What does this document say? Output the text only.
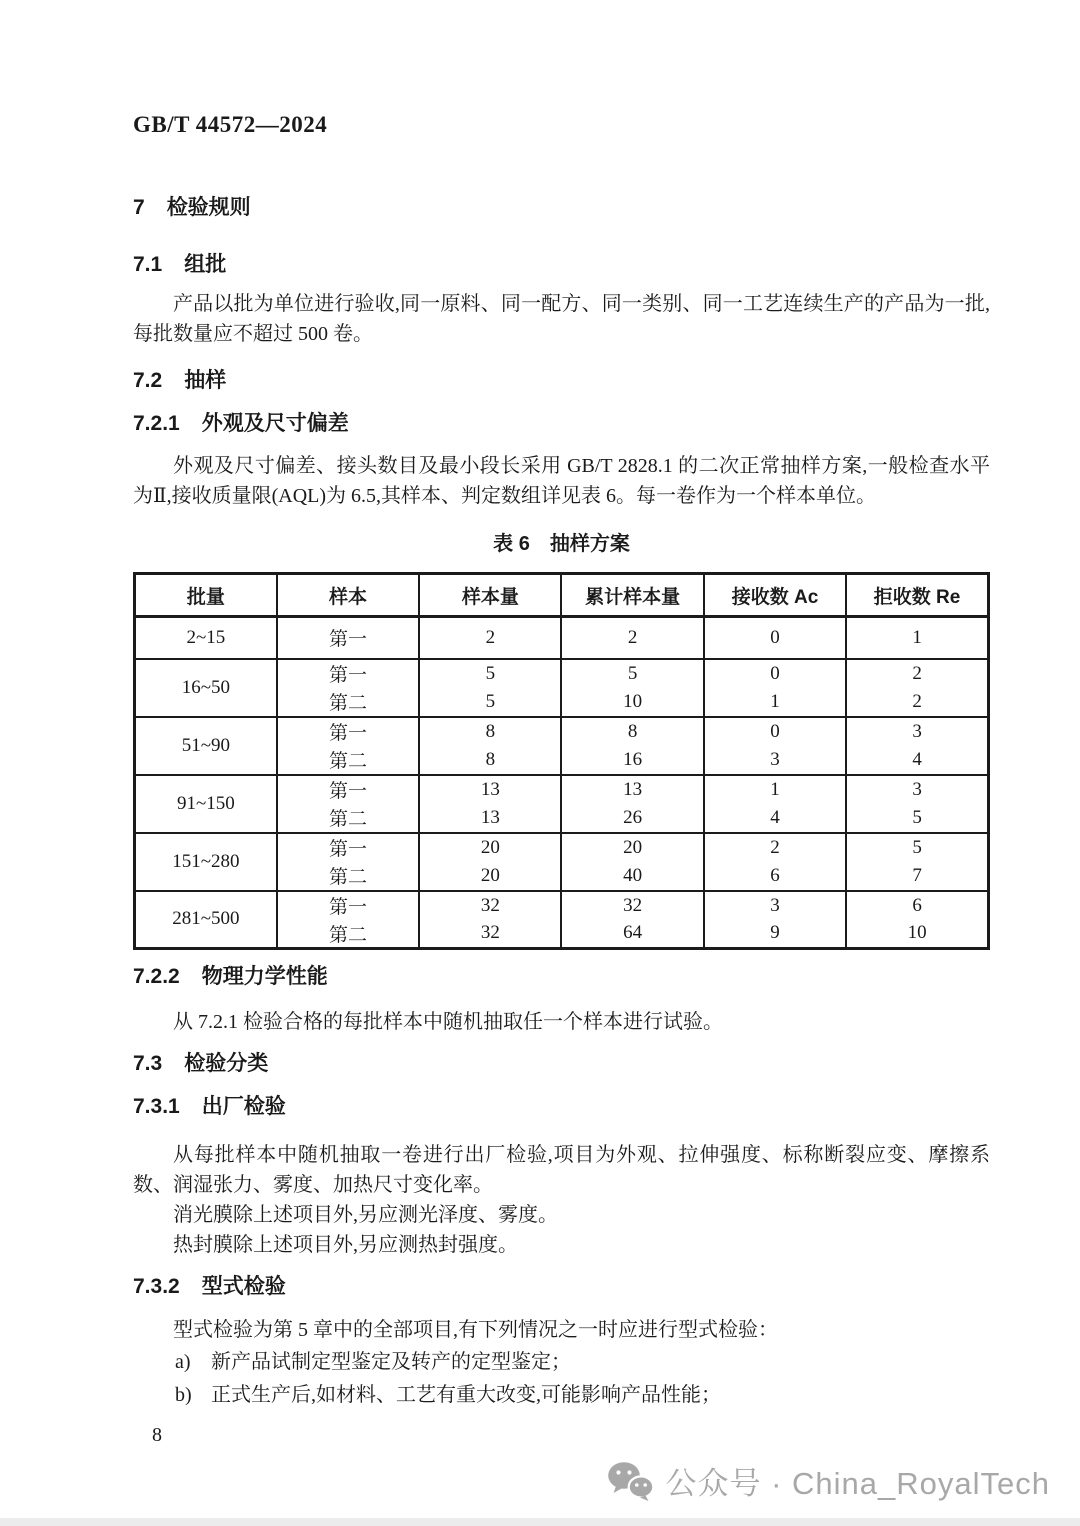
GB/T 44572—2024
7 检验规则
7.1 组批
产品以批为单位进行验收,同一原料、同一配方、同一类别、同一工艺连续生产的产品为一批,每批数量应不超过 500 卷。
7.2 抽样
7.2.1 外观及尺寸偏差
外观及尺寸偏差、接头数目及最小段长采用 GB/T 2828.1 的二次正常抽样方案,一般检查水平为Ⅱ,接收质量限(AQL)为 6.5,其样本、判定数组详见表 6。每一卷作为一个样本单位。
表 6　抽样方案
批量	样本	样本量	累计样本量	接收数 Ac	拒收数 Re
2~15	第一	2	2	0	1
16~50	第一	5	5	0	2
	第二	5	10	1	2
51~90	第一	8	8	0	3
	第二	8	16	3	4
91~150	第一	13	13	1	3
	第二	13	26	4	5
151~280	第一	20	20	2	5
	第二	20	40	6	7
281~500	第一	32	32	3	6
	第二	32	64	9	10
7.2.2 物理力学性能
从 7.2.1 检验合格的每批样本中随机抽取任一个样本进行试验。
7.3 检验分类
7.3.1 出厂检验
从每批样本中随机抽取一卷进行出厂检验,项目为外观、拉伸强度、标称断裂应变、摩擦系数、润湿张力、雾度、加热尺寸变化率。
消光膜除上述项目外,另应测光泽度、雾度。
热封膜除上述项目外,另应测热封强度。
7.3.2 型式检验
型式检验为第 5 章中的全部项目,有下列情况之一时应进行型式检验：
a) 新产品试制定型鉴定及转产的定型鉴定；
b) 正式生产后,如材料、工艺有重大改变,可能影响产品性能；
8
公众号 · China_RoyalTech
